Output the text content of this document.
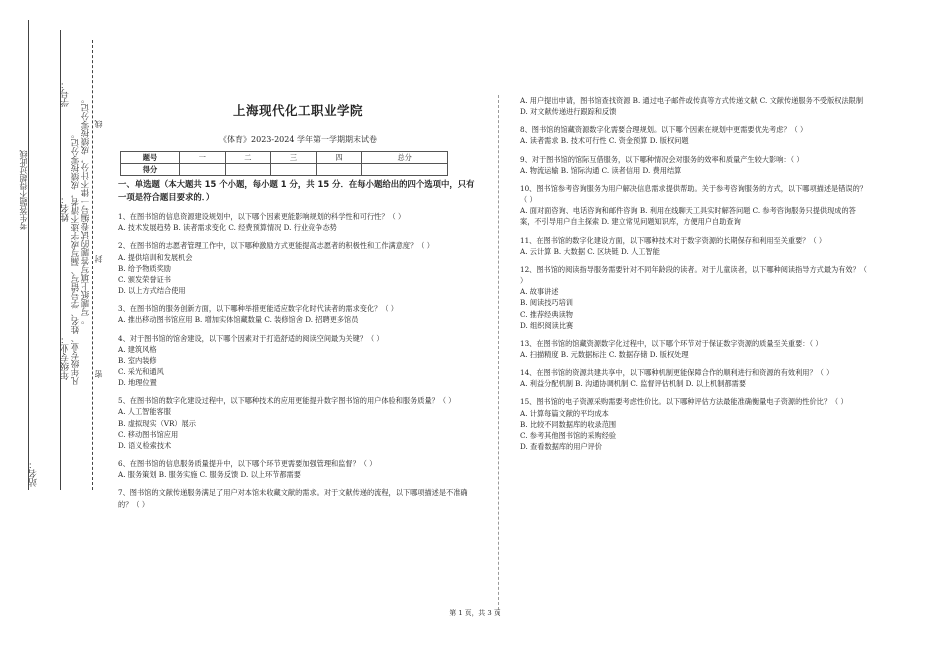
学号：
姓名：
年级专业：
站名：
。写题纸上填写答题的试卷编号一律不计分，成绩按零分记。
凡年级专业、姓名、学号错写、漏写或字迹不清者，成绩按零分记。
线
封
密
考生答题不得超过此线
上海现代化工职业学院
《体育》2023-2024 学年第一学期期末试卷
题号	一	二	三	四	总分
得分					
一、单选题（本大题共 15 个小题，每小题 1 分，共 15 分．在每小题给出的四个选项中，只有一项是符合题目要求的．）

1、在图书馆的信息资源建设规划中，以下哪个因素更能影响规划的科学性和可行性？（ ）

A. 技术发展趋势 B. 读者需求变化 C. 经费预算情况 D. 行业竞争态势

2、在图书馆的志愿者管理工作中，以下哪种激励方式更能提高志愿者的积极性和工作满意度？（ ）

A. 提供培训和发展机会

B. 给予物质奖励

C. 颁发荣誉证书

D. 以上方式结合使用

3、在图书馆的服务创新方面，以下哪种举措更能适应数字化时代读者的需求变化？（ ）

A. 推出移动图书馆应用 B. 增加实体馆藏数量 C. 装修馆舍 D. 招聘更多馆员

4、对于图书馆的馆舍建设，以下哪个因素对于打造舒适的阅读空间最为关键？（ ）

A. 建筑风格

B. 室内装修

C. 采光和通风

D. 地理位置

5、在图书馆的数字化建设过程中，以下哪种技术的应用更能提升数字图书馆的用户体验和服务质量？（ ）

A. 人工智能客服

B. 虚拟现实（VR）展示

C. 移动图书馆应用

D. 语义检索技术

6、在图书馆的信息服务质量提升中，以下哪个环节更需要加强管理和监督？（ ）

A. 服务策划 B. 服务实施 C. 服务反馈 D. 以上环节都需要

7、图书馆的文献传递服务满足了用户对本馆未收藏文献的需求。对于文献传递的流程，以下哪项描述是不准确的？（ ）

A. 用户提出申请，图书馆查找资源 B. 通过电子邮件或传真等方式传递文献 C. 文献传递服务不受版权法限制 D. 对文献传递进行跟踪和反馈

8、图书馆的馆藏资源数字化需要合理规划。以下哪个因素在规划中更需要优先考虑？（ ）

A. 读者需求 B. 技术可行性 C. 资金预算 D. 版权问题

9、对于图书馆的馆际互借服务，以下哪种情况会对服务的效率和质量产生较大影响：（ ）

A. 物流运输 B. 馆际沟通 C. 读者信用 D. 费用结算

10、图书馆参考咨询服务为用户解决信息需求提供帮助。关于参考咨询服务的方式，以下哪项描述是错误的？（ ）

A. 面对面咨询、电话咨询和邮件咨询 B. 利用在线聊天工具实时解答问题 C. 参考咨询服务只提供现成的答案，不引导用户自主探索 D. 建立常见问题知识库，方便用户自助查询

11、在图书馆的数字化建设方面，以下哪种技术对于数字资源的长期保存和利用至关重要？（ ）

A. 云计算 B. 大数据 C. 区块链 D. 人工智能

12、图书馆的阅读指导服务需要针对不同年龄段的读者。对于儿童读者，以下哪种阅读指导方式最为有效？（ ）

A. 故事讲述

B. 阅读技巧培训

C. 推荐经典读物

D. 组织阅读比赛

13、在图书馆的馆藏资源数字化过程中，以下哪个环节对于保证数字资源的质量至关重要：（ ）

A. 扫描精度 B. 元数据标注 C. 数据存储 D. 版权处理

14、在图书馆的资源共建共享中，以下哪种机制更能保障合作的顺利进行和资源的有效利用？（ ）

A. 利益分配机制 B. 沟通协调机制 C. 监督评估机制 D. 以上机制都需要

15、图书馆的电子资源采购需要考虑性价比。以下哪种评估方法最能准确衡量电子资源的性价比？（ ）

A. 计算每篇文献的平均成本

B. 比较不同数据库的收录范围

C. 参考其他图书馆的采购经验

D. 查看数据库的用户评价

第 1 页，共 3 页
